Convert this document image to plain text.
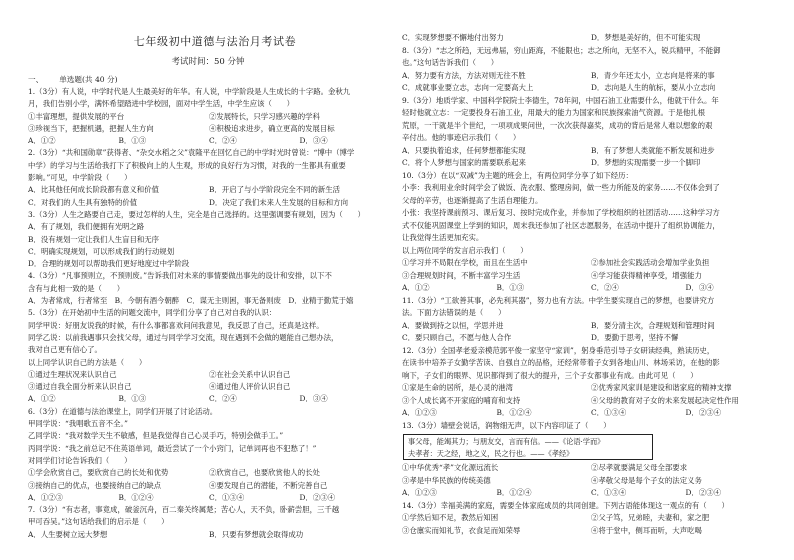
七年级初中道德与法治月考试卷
考试时间：50 分钟
一、 单选题(共 40 分)
1.（3分）有人说，中学时代是人生最美好的年华。有人说，中学阶段是人生成长的十字路。金秋九
月，我们告别小学，满怀希望踏进中学校园，面对中学生活，中学生应该（　　）
①丰富理想，提供发展的平台	②发展特长，只学习感兴趣的学科
③珍视当下，把握机遇，把握人生方向	④积极追求进步，确立更高的发展目标
A．①②	B．①③	C．②④	D．③④
2.（3分）“共和国勋章”获得者、“杂交水稻之父”袁隆平在回忆自己的中学时光时曾说：“博中（博学
中学）的学习与生活给我打下了积极向上的人生观，形成的良好行为习惯，对我的一生都具有重要
影响。”可见，中学阶段（　　）
A．比其他任何成长阶段都有意义和价值	B．开启了与小学阶段完全不同的新生活
C．对我们的人生具有独特的价值	D．决定了我们未来人生发展的目标和方向
3.（3分）人生之路要自己走，要过怎样的人生，完全是自己选择的。这里强调要有规划，因为（　　）
A．有了规划，我们便拥有光明之路
B．没有规划一定让我们人生盲目和无序
C．明确实现规划，可以形成我们的行动规划
D．合理的规划可以帮助我们更好地度过中学阶段
4.（3分）“凡事预则立，不预则废。”告诉我们对未来的事情要做出事先的设计和安排，以下不
含有与此相一致的是（　　）
A．为者常成，行者常至　B．今朝有酒今朝醉　C．谋无主则困，事无备则废　D．业精于勤荒于嬉
5.（3分）在开始初中生活的问题交流中，同学们分享了自己对自我的认识：
同学甲说：好朋友说我的时候，有什么事都喜欢问问我意见，我反思了自己，还真是这样。
同学乙说：以前我遇事只会找父母，通过与同学学习交流，现在遇到不会做的题能自己想办法，
我对自己更有信心了。
以上同学认识自己的方法是（　　）
①通过生理状况来认识自己	②在社会关系中认识自己
③通过自我全面分析来认识自己	④通过他人评价认识自己
A．①②	B．①③	C．②④	D．③④
6.（3分）在道德与法治课堂上，同学们开展了讨论活动。
甲同学说：“我唱歌五音不全。”
乙同学说：“我对数学天生不敏感，但是我觉得自己心灵手巧，特别会做手工。”
丙同学说：“我之前总记不住英语单词，最近尝试了一个小窍门，记单词再也不犯愁了！”
对同学们讨论告诉我们（　　）
①学会欣赏自己，要欣赏自己的长处和优势	②欣赏自己，也要欣赏他人的长处
③接纳自己的优点，也要接纳自己的缺点	④要发现自己的潜能，不断完善自己
A．①②③	B．①②④	C．①③④	D．②③④
7.（3分）“有志者，事竟成，破釜沉舟，百二秦关终属楚；苦心人，天不负，卧薪尝胆，三千越
甲可吞吴。”这句话给我们的启示是（　　）
A．人生要树立远大梦想	B．只要有梦想就会取得成功
C．实现梦想要不懈地付出努力	D．梦想是美好的，但不可能实现
8.（3分）“志之所趋，无远弗届，穷山距海，不能限也；志之所向，无坚不入，锐兵精甲，不能御
也。”这句话告诉我们（　　）
A．努力要有方法，方法对则无往不胜	B．青少年还太小，立志向是将来的事
C．成就事业要立志，志向一定要高大上	D．志向是人生的航标，要从小立志向
9.（3分）地质学家、中国科学院院士李德生，78年间，中国石油工业需要什么，他就干什么。年
轻时他就立志：一定要投身石油工业，用最大的能力为国家和民族探索油气资源。于是他扎根
荒原，一干就是半个世纪，一项项成果问世，一次次获得嘉奖，成功的背后是常人难以想象的艰
辛付出。他的事迹启示我们（　　）
A．只要执着追求，任何梦想都能实现	B．有了梦想人类就能不断发展和进步
C．将个人梦想与国家的需要联系起来	D．梦想的实现需要一步一个脚印
10.（3分）在以“双减”为主题的班会上，有两位同学分享了如下经历：
小李：我利用业余时间学会了做饭、洗衣服、整理房间，做一些力所能及的家务……不仅体会到了
父母的辛劳，也逐渐提高了生活自理能力。
小张：我坚持课前预习、课后复习、按时完成作业，并参加了学校组织的社团活动……这种学习方
式不仅能巩固课堂上学到的知识，周末我还参加了社区志愿服务，在活动中提升了组织协调能力，
让我觉得生活更加充实。
以上两位同学的发言启示我们（　　）
①学习并不局限在学校，而且在生活中	②参加社会实践活动会增加学业负担
③合理规划时间，不断丰富学习生活	④学习能获得精神享受，增强能力
A．①②	B．①③	C．②④	D．③④
11.（3分）“工欲善其事，必先利其器”，努力也有方法。中学生要实现自己的梦想，也要讲究方
法。下面方法错误的是（　　）
A．要做到持之以恒，学思并进	B．要分清主次，合理规划和管理时间
C．要只顾自己，不愿与他人合作	D．要勤于思考，坚持不懈
12.（3分）全国孝老爱亲模范郭平俊一家坚守“家训”，躬身垂范引导子女研读经典，熟读历史，
在读书中培养子女勤学苦读、自强自立的品格，还经常带着子女到各地山川、林场采访，在他的影
响下，子女们的眼界、见识都得到了很大的提升，三个子女都事业有成。由此可见（　　）
①家是生命的居所，是心灵的港湾	②优秀家风家训是建设和谐家庭的精神支撑
③个人成长离不开家庭的哺育和支持	④父母的教育对子女的未来发展起决定性作用
A．①②③	B．①②④	C．①③④	D．②③④
13.（3分）墙壁会说话，润物细无声，以下内容印证了（　　）
事父母，能竭其力；与朋友交，言而有信。——《论语·学而》
夫孝者：天之经，地之义，民之行也。——《孝经》
①中华优秀“孝”文化源远流长	②尽孝就要满足父母全部要求
③孝是中华民族的传统美德	④孝敬父母是每个子女的法定义务
A．①②③	B．①②④	C．①③④	D．②③④
14.（3分）幸福美满的家庭，需要全体家庭成员的共同创建。下列古语能体现这一观点的有（　　）
①学然后知不足，教然后知困	②父子笃，兄弟睦，夫妻和，家之肥
③仓廪实而知礼节，衣食足而知荣辱	④将于堂中，侧耳而听，大声吃喝
